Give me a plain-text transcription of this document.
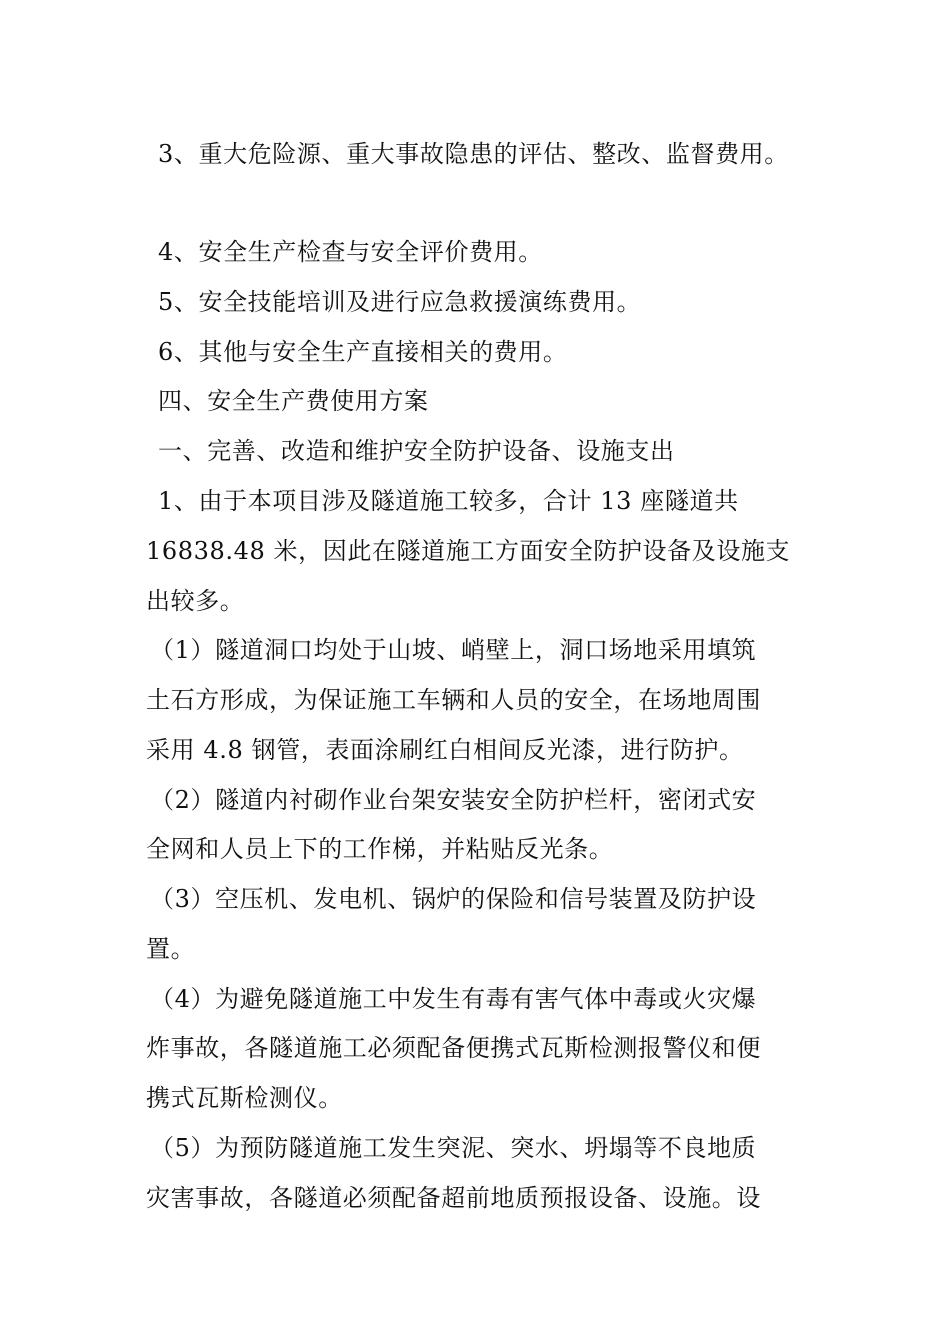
3、重大危险源、重大事故隐患的评估、整改、监督费用。
4、安全生产检查与安全评价费用。
5、安全技能培训及进行应急救援演练费用。
6、其他与安全生产直接相关的费用。
四、安全生产费使用方案
一、完善、改造和维护安全防护设备、设施支出
1、由于本项目涉及隧道施工较多，合计 13 座隧道共
16838.48 米，因此在隧道施工方面安全防护设备及设施支
出较多。
（1）隧道洞口均处于山坡、峭壁上，洞口场地采用填筑
土石方形成，为保证施工车辆和人员的安全，在场地周围
采用 4.8 钢管，表面涂刷红白相间反光漆，进行防护。
（2）隧道内衬砌作业台架安装安全防护栏杆，密闭式安
全网和人员上下的工作梯，并粘贴反光条。
（3）空压机、发电机、锅炉的保险和信号装置及防护设
置。
（4）为避免隧道施工中发生有毒有害气体中毒或火灾爆
炸事故，各隧道施工必须配备便携式瓦斯检测报警仪和便
携式瓦斯检测仪。
（5）为预防隧道施工发生突泥、突水、坍塌等不良地质
灾害事故，各隧道必须配备超前地质预报设备、设施。设
